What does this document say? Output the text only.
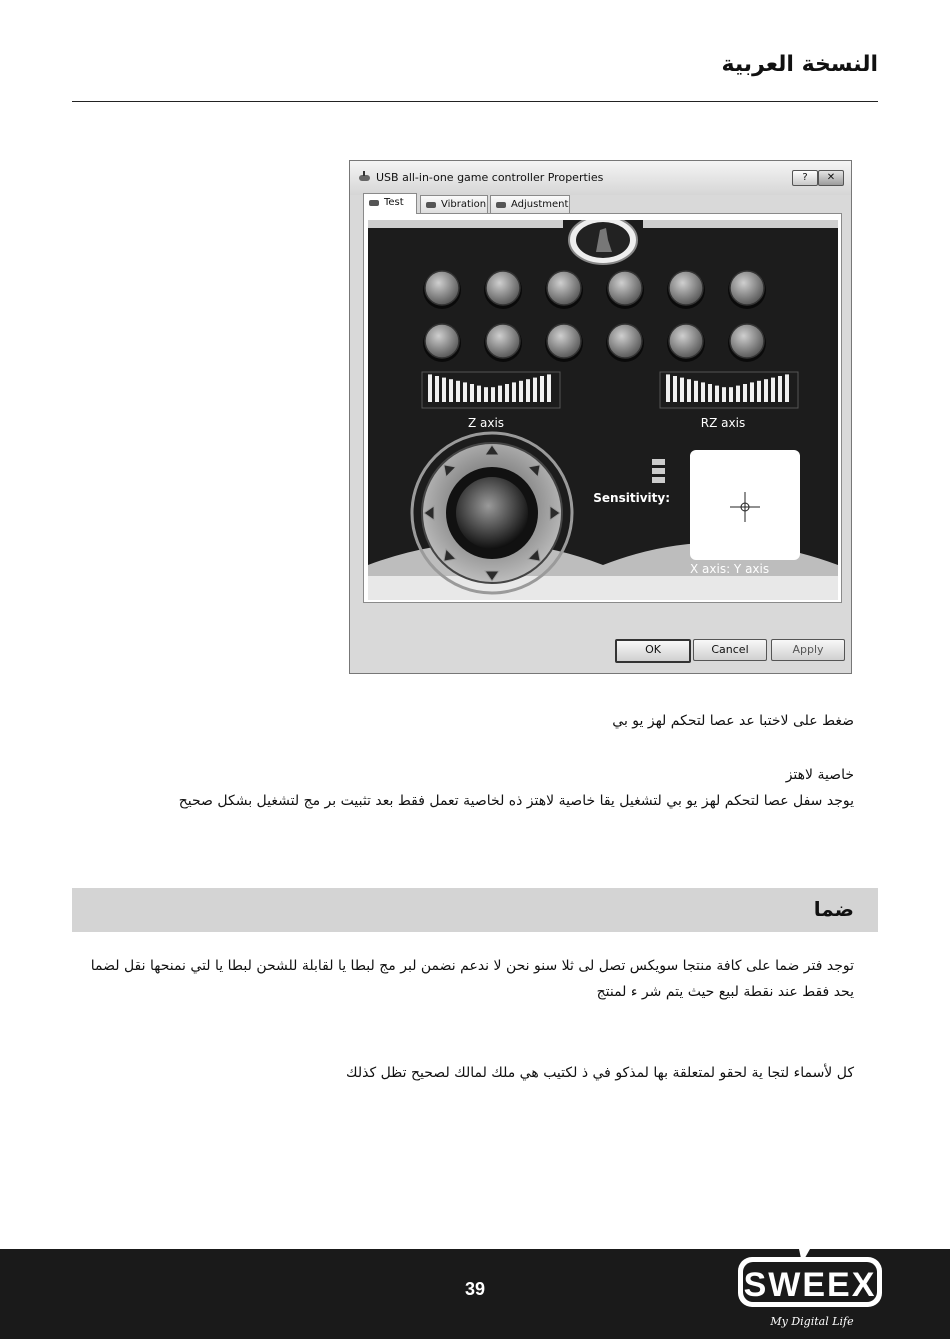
النسخة العربية
USB all-in-one game controller Properties	?	✕
Test	Vibration	Adjustment
Z axis	RZ axis
Sensitivity:
X axis: Y axis
OK	Cancel	Apply
ضغط على لاختبا عد عصا لتحكم لهز يو بي
خاصية لاهتز
يوجد سفل عصا لتحكم لهز يو بي لتشغيل يقا خاصية لاهتز ذه لخاصية تعمل فقط بعد تثبيت بر مج لتشغيل بشكل صحيح
ضما
توجد فتر ضما على كافة منتجا سويكس تصل لى ثلا سنو نحن لا ندعم نضمن لبر مج لبطا يا لقابلة للشحن لبطا يا لتي نمنحها نقل لضما يحد فقط عند نقطة لبيع حيث يتم شر ء لمنتج
كل لأسماء لتجا ية لحقو لمتعلقة بها لمذكو في ذ لكتيب هي ملك لمالك لصحيح تظل كذلك
39	SWEEX
My Digital Life
